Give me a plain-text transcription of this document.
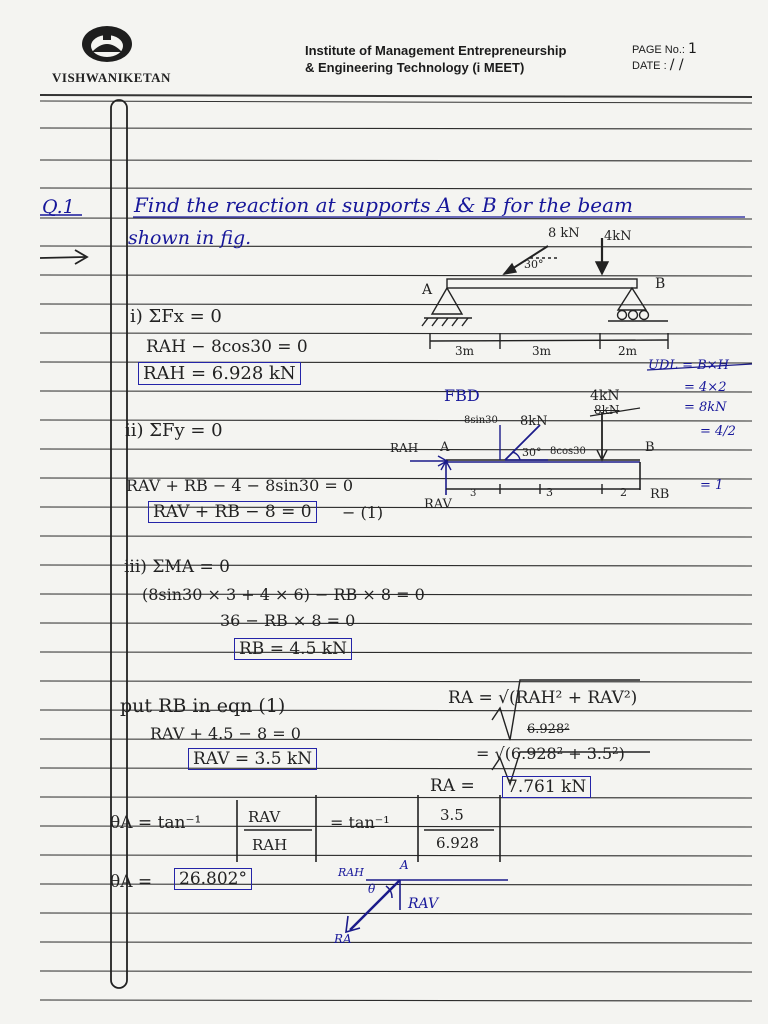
VISHWANIKETAN
Institute of Management Entrepreneurship
& Engineering Technology (i MEET)
PAGE No.: 1
DATE : / /
Q.1	Find the reaction at supports A & B for the beam
shown in fig.	8 kN 4kN
30°
A	B
3m	3m	2m
i) ΣFx = 0
RAH − 8cos30 = 0
RAH = 6.928 kN	UDL = B×H
= 4×2
= 8kN
= 4/2
= 1
FBD	4kN
8kN
8sin30 8kN
30° 8cos30
RAH A	B
RAV
RB
3	3	2
ii) ΣFy = 0
RAV + RB − 4 − 8sin30 = 0
RAV + RB − 8 = 0	− (1)
iii) ΣMA = 0
(8sin30 × 3 + 4 × 6) − RB × 8 = 0
36 − RB × 8 = 0
RB = 4.5 kN
put RB in eqn (1)
RAV + 4.5 − 8 = 0
RAV = 3.5 kN
RA = √(RAH² + RAV²)
6.928²
= √(6.928² + 3.5²)
RA = 7.761 kN
θA = tan⁻¹	RAV
RAH
= tan⁻¹	3.5
6.928
θA = 26.802°	RAH
θ
A
RAV
RA
